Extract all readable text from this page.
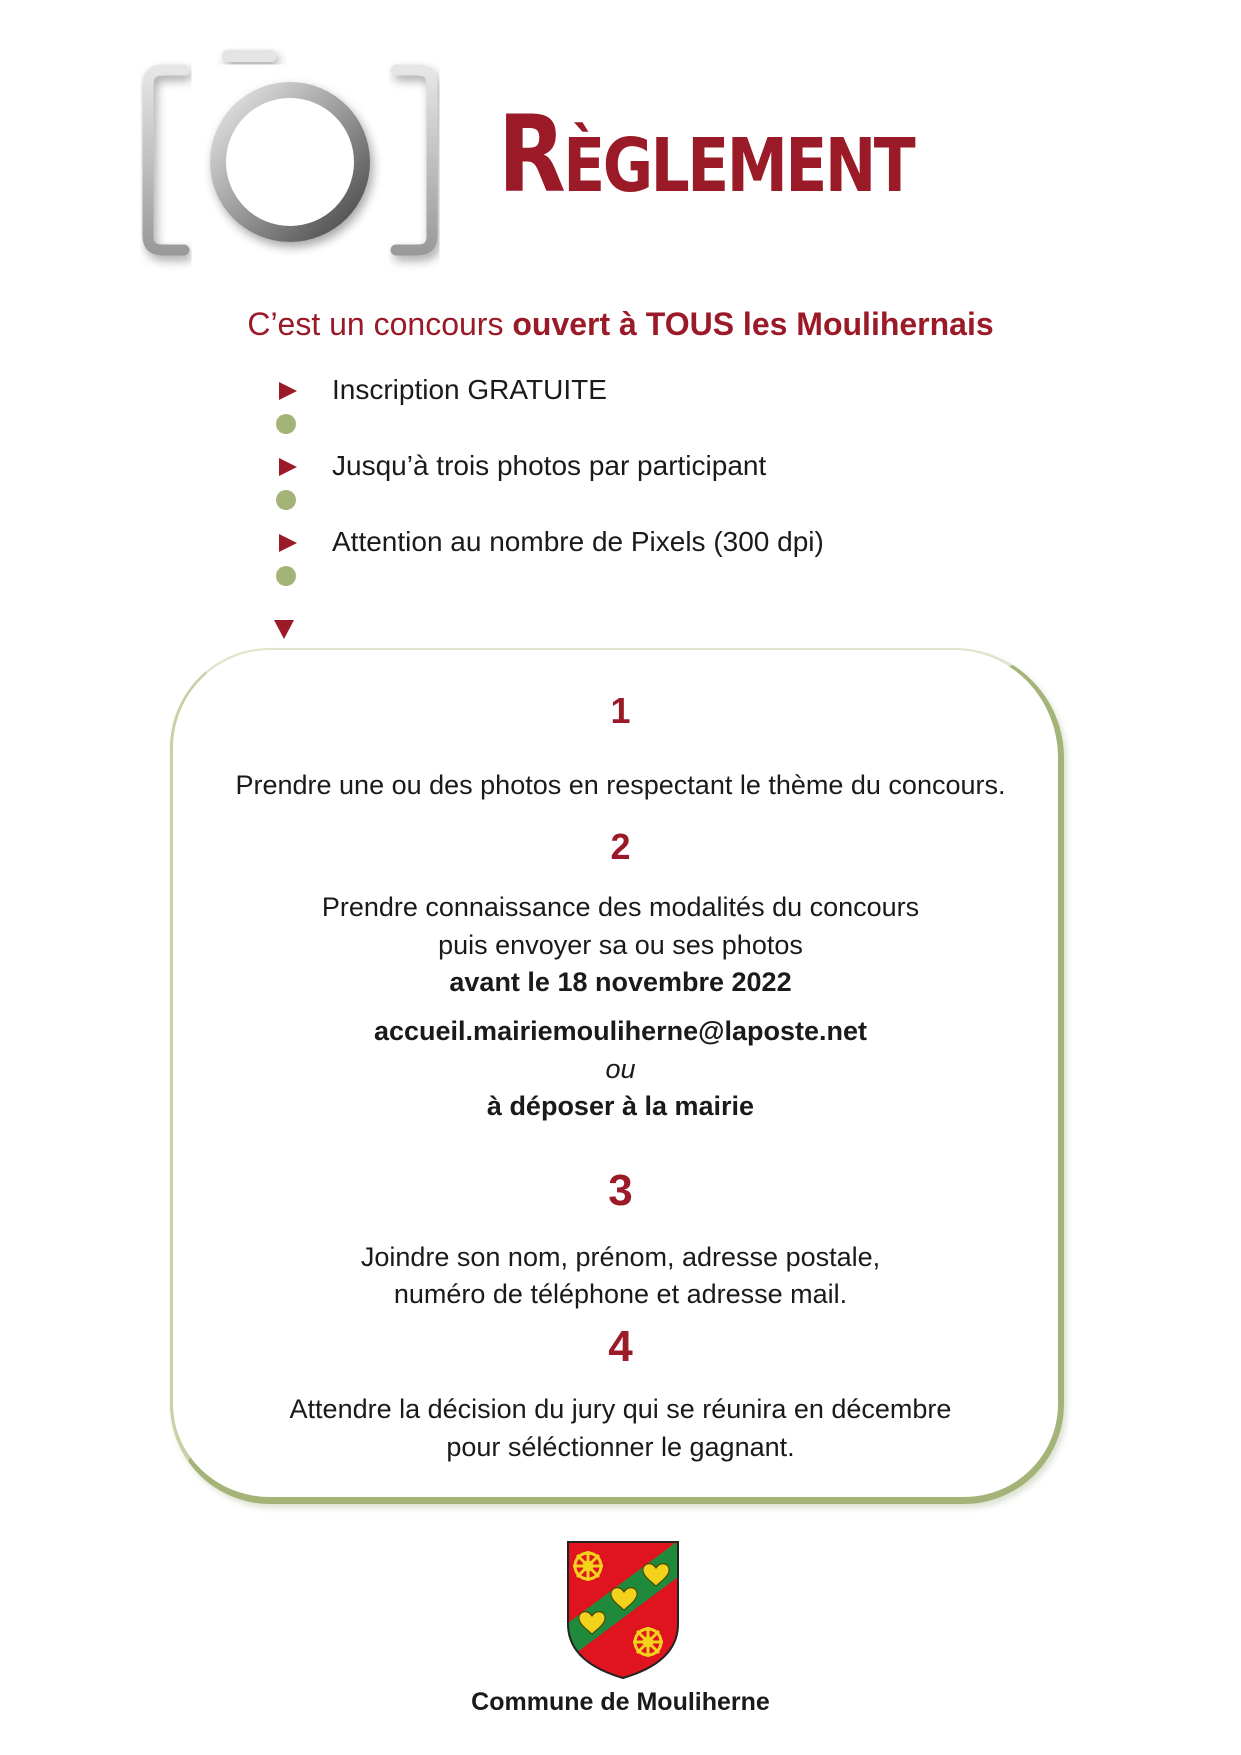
Règlement
C’est un concours ouvert à TOUS les Moulihernais
Inscription GRATUITE
Jusqu’à trois photos par participant
Attention au nombre de Pixels (300 dpi)
1
Prendre une ou des photos en respectant le thème du concours.
2
Prendre connaissance des modalités du concours
puis envoyer sa ou ses photos
avant le 18 novembre 2022
accueil.mairiemouliherne@laposte.net
ou
à déposer à la mairie
3
Joindre son nom, prénom, adresse postale,
numéro de téléphone et adresse mail.
4
Attendre la décision du jury qui se réunira en décembre
pour séléctionner le gagnant.
Commune de Mouliherne
